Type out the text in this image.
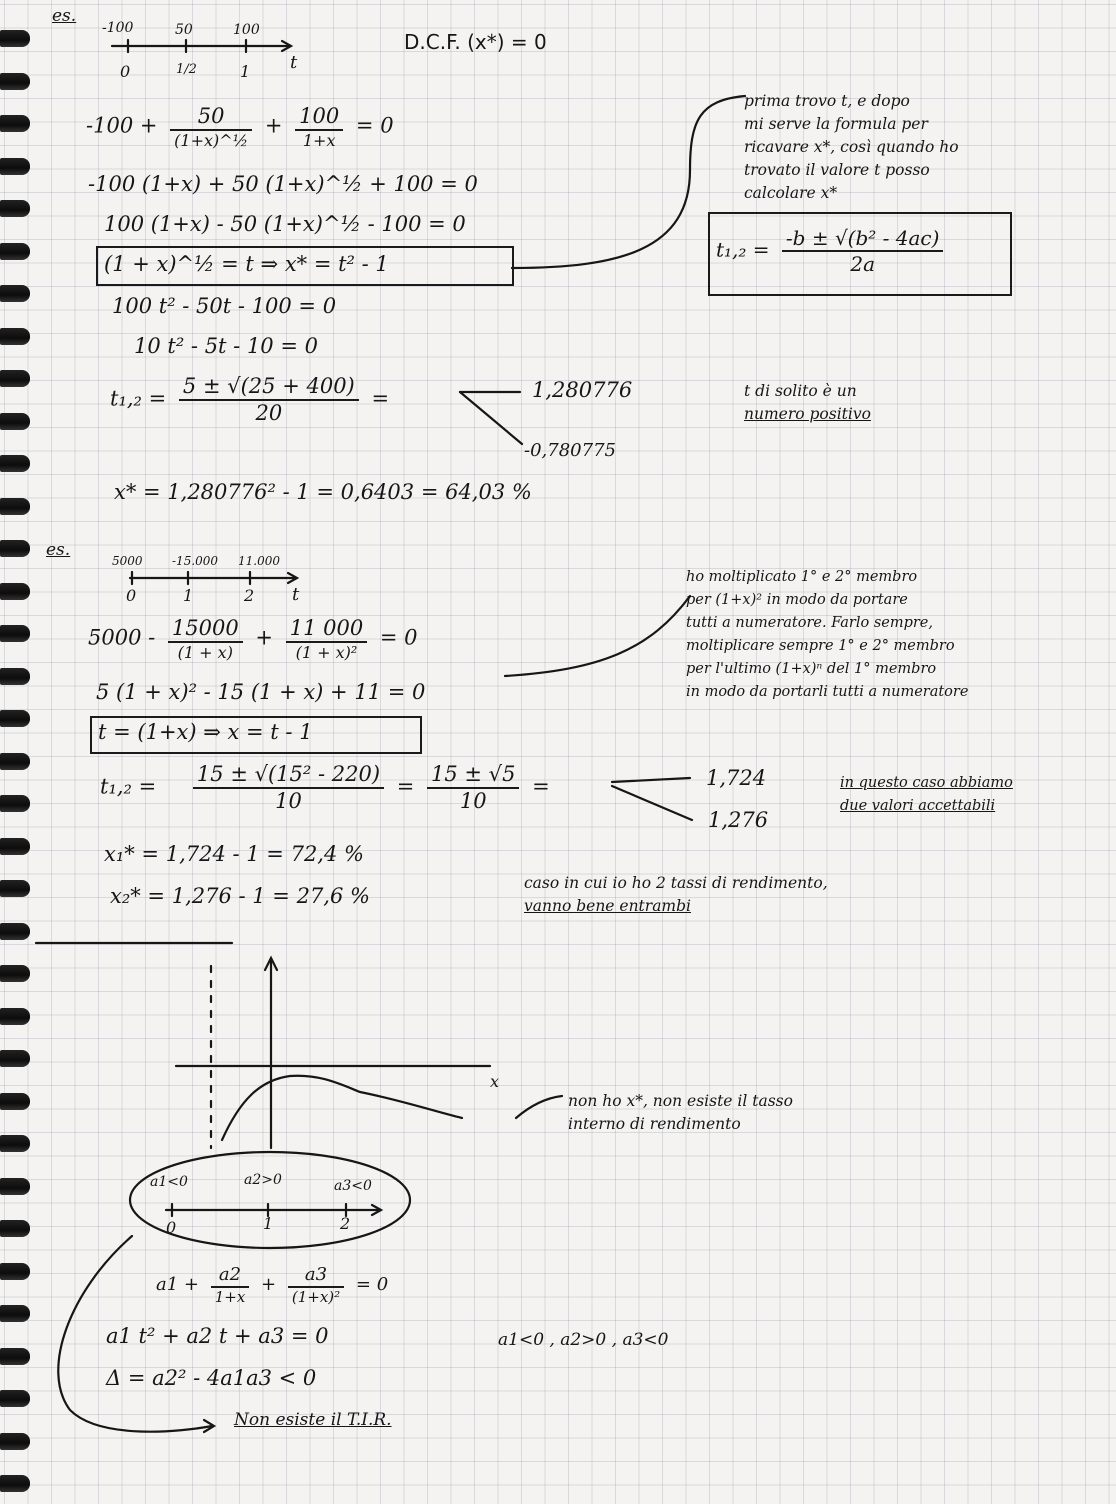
es.
-100	50	100
0	1/2	1 t
D.C.F. (x*) = 0
$-100 + \frac{50}{\text{(1+x)\textasciicircum{}½}} + \frac{100}{1+x} = 0$
-100 (1+x) + 50 (1+x)^½ + 100 = 0
100 (1+x) - 50 (1+x)^½ - 100 = 0
(1 + x)^½ = t ⇒ x* = t² - 1
100 t² - 50t - 100 = 0
10 t² - 5t - 10 = 0
$t_1,_2 = \frac{5 \pm √(25 + 400)}{20}$ =	1,280776
-0,780775
x* = 1,280776² - 1 = 0,6403 = 64,03 %
prima trovo t, e dopo
mi serve la formula per
ricavare x*, così quando ho
trovato il valore t posso
calcolare x*
$t_1,_2 = \frac{\text{-b ± √(b² - 4ac)}}{2a}$
t di solito è un
numero positivo
es.
5000 -15.000 11.000
0	1	2 t
$5000 - \frac{15000}{(1 + x)} + \frac{11 000}{\text{(1 + x)²}} = 0$
5 (1 + x)² - 15 (1 + x) + 11 = 0
t = (1+x) ⇒ x = t - 1
$t_1,_2 = \frac{\text{15 ± √(15² - 220)}}{10} = \frac{15 \pm √5}{10}$ =	1,724
1,276
x₁* = 1,724 - 1 = 72,4 %
x₂* = 1,276 - 1 = 27,6 %
ho moltiplicato 1° e 2° membro
per (1+x)² in modo da portare
tutti a numeratore. Farlo sempre,
moltiplicare sempre 1° e 2° membro
per l'ultimo (1+x)ⁿ del 1° membro
in modo da portarli tutti a numeratore
in questo caso abbiamo
due valori accettabili
caso in cui io ho 2 tassi di rendimento,
vanno bene entrambi
x
non ho x*, non esiste il tasso
interno di rendimento
a1<0	a2>0	a3<0
0	1	2
$a1 + \frac{a2}{1+x} + \frac{a3}{\text{(1+x)²}} = 0$
a1 t² + a2 t + a3 = 0	a1<0 , a2>0 , a3<0
Δ = a2² - 4a1a3 < 0
Non esiste il T.I.R.
